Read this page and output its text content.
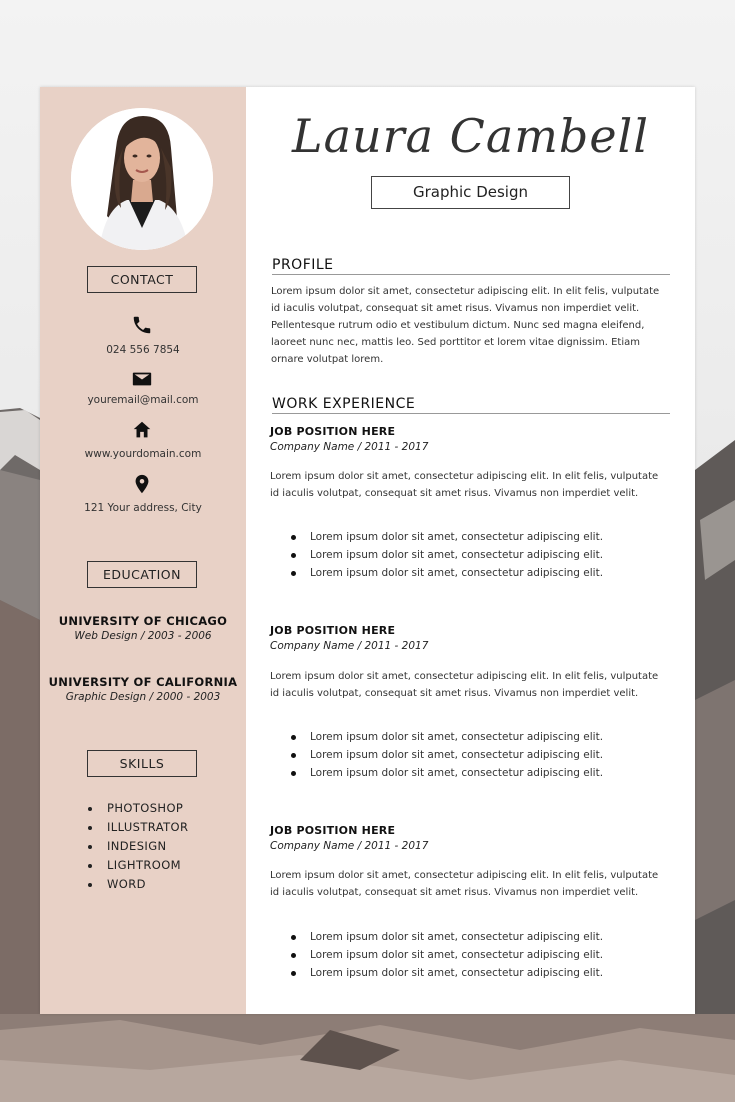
CONTACT
024 556 7854
youremail@mail.com
www.yourdomain.com
121 Your address, City
EDUCATION
UNIVERSITY OF CHICAGO
Web Design / 2003 - 2006
UNIVERSITY OF CALIFORNIA
Graphic Design / 2000 - 2003
SKILLS
PHOTOSHOP
ILLUSTRATOR
INDESIGN
LIGHTROOM
WORD
Laura Cambell
Graphic Design
PROFILE

Lorem ipsum dolor sit amet, consectetur adipiscing elit. In elit felis, vulputate id iaculis volutpat, consequat sit amet risus. Vivamus non imperdiet velit. Pellentesque rutrum odio et vestibulum dictum. Nunc sed magna eleifend, laoreet nunc nec, mattis leo. Sed porttitor et lorem vitae dignissim. Etiam ornare volutpat lorem.

WORK EXPERIENCE
JOB POSITION HERE
Company Name / 2011 - 2017

Lorem ipsum dolor sit amet, consectetur adipiscing elit. In elit felis, vulputate id iaculis volutpat, consequat sit amet risus. Vivamus non imperdiet velit.

Lorem ipsum dolor sit amet, consectetur adipiscing elit.
Lorem ipsum dolor sit amet, consectetur adipiscing elit.
Lorem ipsum dolor sit amet, consectetur adipiscing elit.
JOB POSITION HERE
Company Name / 2011 - 2017

Lorem ipsum dolor sit amet, consectetur adipiscing elit. In elit felis, vulputate id iaculis volutpat, consequat sit amet risus. Vivamus non imperdiet velit.

Lorem ipsum dolor sit amet, consectetur adipiscing elit.
Lorem ipsum dolor sit amet, consectetur adipiscing elit.
Lorem ipsum dolor sit amet, consectetur adipiscing elit.
JOB POSITION HERE
Company Name / 2011 - 2017

Lorem ipsum dolor sit amet, consectetur adipiscing elit. In elit felis, vulputate id iaculis volutpat, consequat sit amet risus. Vivamus non imperdiet velit.

Lorem ipsum dolor sit amet, consectetur adipiscing elit.
Lorem ipsum dolor sit amet, consectetur adipiscing elit.
Lorem ipsum dolor sit amet, consectetur adipiscing elit.
